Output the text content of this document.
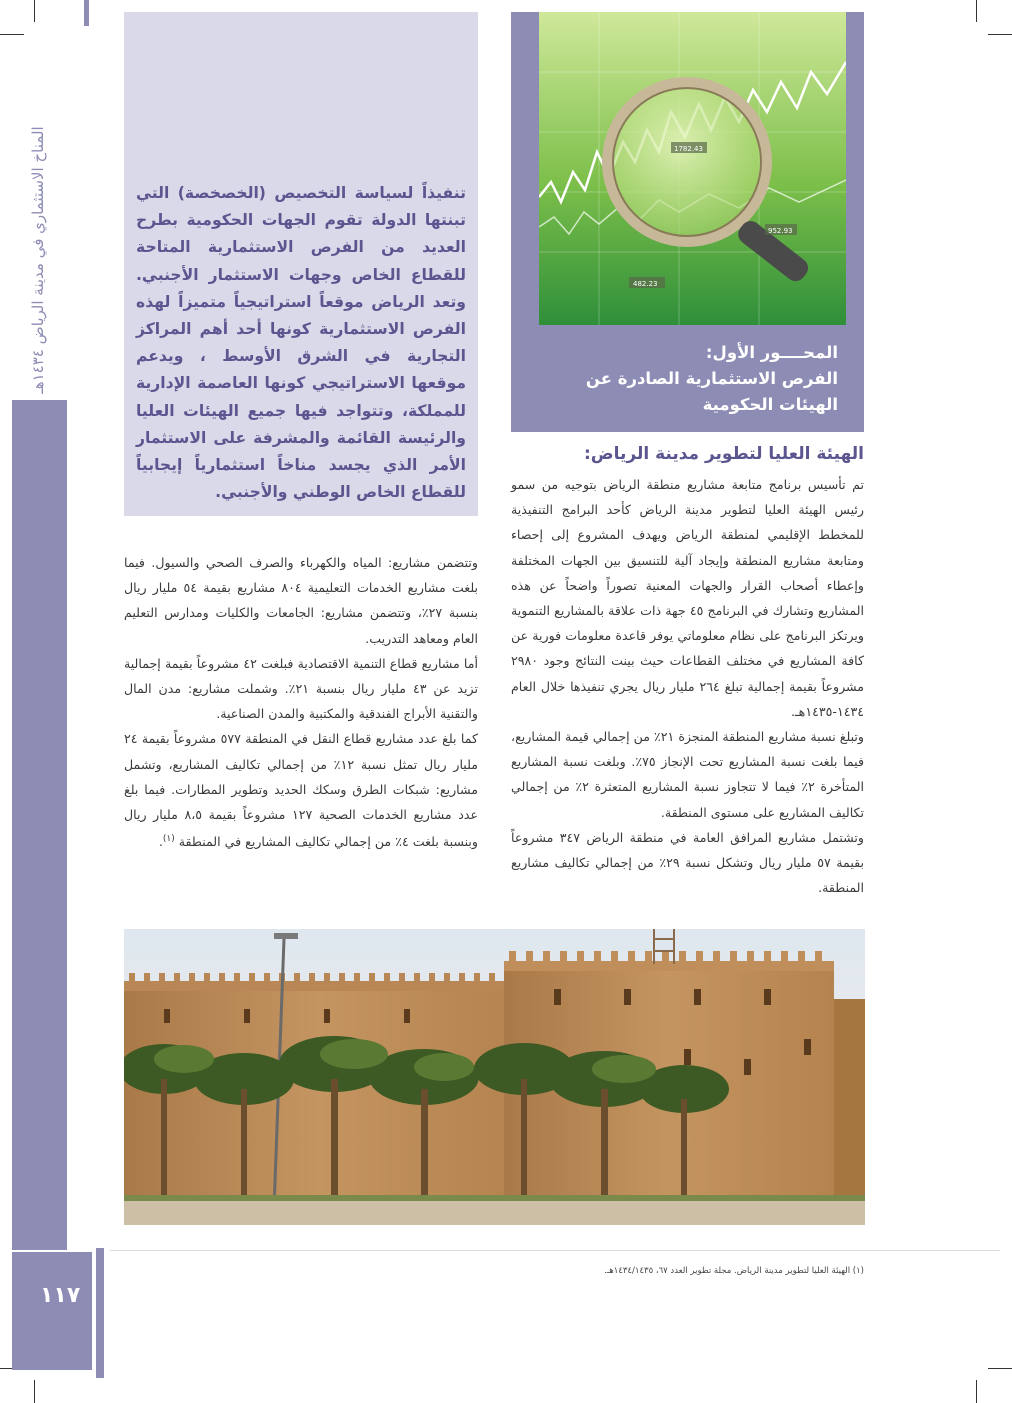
المناخ الاستثماري في مدينة الرياض ١٤٣٤هـ
١١٧
تنفيذاً لسياسة التخصيص (الخصخصة) التي تبنتها الدولة تقوم الجهات الحكومية بطرح العديد من الفرص الاستثمارية المتاحة للقطاع الخاص وجهات الاستثمار الأجنبي. وتعد الرياض موقعاً استراتيجياً متميزاً لهذه الفرص الاستثمارية كونها أحد أهم المراكز التجارية في الشرق الأوسط ، ويدعم موقعها الاستراتيجي كونها العاصمة الإدارية للمملكة، وتتواجد فيها جميع الهيئات العليا والرئيسة القائمة والمشرفة على الاستثمار الأمر الذي يجسد مناخاً استثمارياً إيجابياً للقطاع الخاص الوطني والأجنبي.
1782.43
952.93
482.23
المحــــور الأول:
الفرص الاستثمارية الصادرة عن الهيئات الحكومية
الهيئة العليا لتطوير مدينة الرياض:

تم تأسيس برنامج متابعة مشاريع منطقة الرياض بتوجيه من سمو رئيس الهيئة العليا لتطوير مدينة الرياض كأحد البرامج التنفيذية للمخطط الإقليمي لمنطقة الرياض ويهدف المشروع إلى إحصاء ومتابعة مشاريع المنطقة وإيجاد آلية للتنسيق بين الجهات المختلفة وإعطاء أصحاب القرار والجهات المعنية تصوراً واضحاً عن هذه المشاريع وتشارك في البرنامج ٤٥ جهة ذات علاقة بالمشاريع التنموية ويرتكز البرنامج على نظام معلوماتي يوفر قاعدة معلومات فورية عن كافة المشاريع في مختلف القطاعات حيث بينت النتائج وجود ٢٩٨٠ مشروعاً بقيمة إجمالية تبلغ ٢٦٤ مليار ريال يجري تنفيذها خلال العام ١٤٣٤-١٤٣٥هـ.

وتبلغ نسبة مشاريع المنطقة المنجزة ٢١٪ من إجمالي قيمة المشاريع، فيما بلغت نسبة المشاريع تحت الإنجاز ٧٥٪. وبلغت نسبة المشاريع المتأخرة ٢٪ فيما لا تتجاوز نسبة المشاريع المتعثرة ٢٪ من إجمالي تكاليف المشاريع على مستوى المنطقة.

وتشتمل مشاريع المرافق العامة في منطقة الرياض ٣٤٧ مشروعاً بقيمة ٥٧ مليار ريال وتشكل نسبة ٢٩٪ من إجمالي تكاليف مشاريع المنطقة.

وتتضمن مشاريع: المياه والكهرباء والصرف الصحي والسيول. فيما بلغت مشاريع الخدمات التعليمية ٨٠٤ مشاريع بقيمة ٥٤ مليار ريال بنسبة ٢٧٪، وتتضمن مشاريع: الجامعات والكليات ومدارس التعليم العام ومعاهد التدريب.

أما مشاريع قطاع التنمية الاقتصادية فبلغت ٤٢ مشروعاً بقيمة إجمالية تزيد عن ٤٣ مليار ريال بنسبة ٢١٪. وشملت مشاريع: مدن المال والتقنية الأبراج الفندقية والمكتبية والمدن الصناعية.

كما بلغ عدد مشاريع قطاع النقل في المنطقة ٥٧٧ مشروعاً بقيمة ٢٤ مليار ريال تمثل نسبة ١٢٪ من إجمالي تكاليف المشاريع، وتشمل مشاريع: شبكات الطرق وسكك الحديد وتطوير المطارات. فيما بلغ عدد مشاريع الخدمات الصحية ١٢٧ مشروعاً بقيمة ٨،٥ مليار ريال وبنسبة بلغت ٤٪ من إجمالي تكاليف المشاريع في المنطقة $^{(١)}$.

(١) الهيئة العليا لتطوير مدينة الرياض. مجلة تطوير العدد ٦٧، ١٤٣٤/١٤٣٥هـ.
